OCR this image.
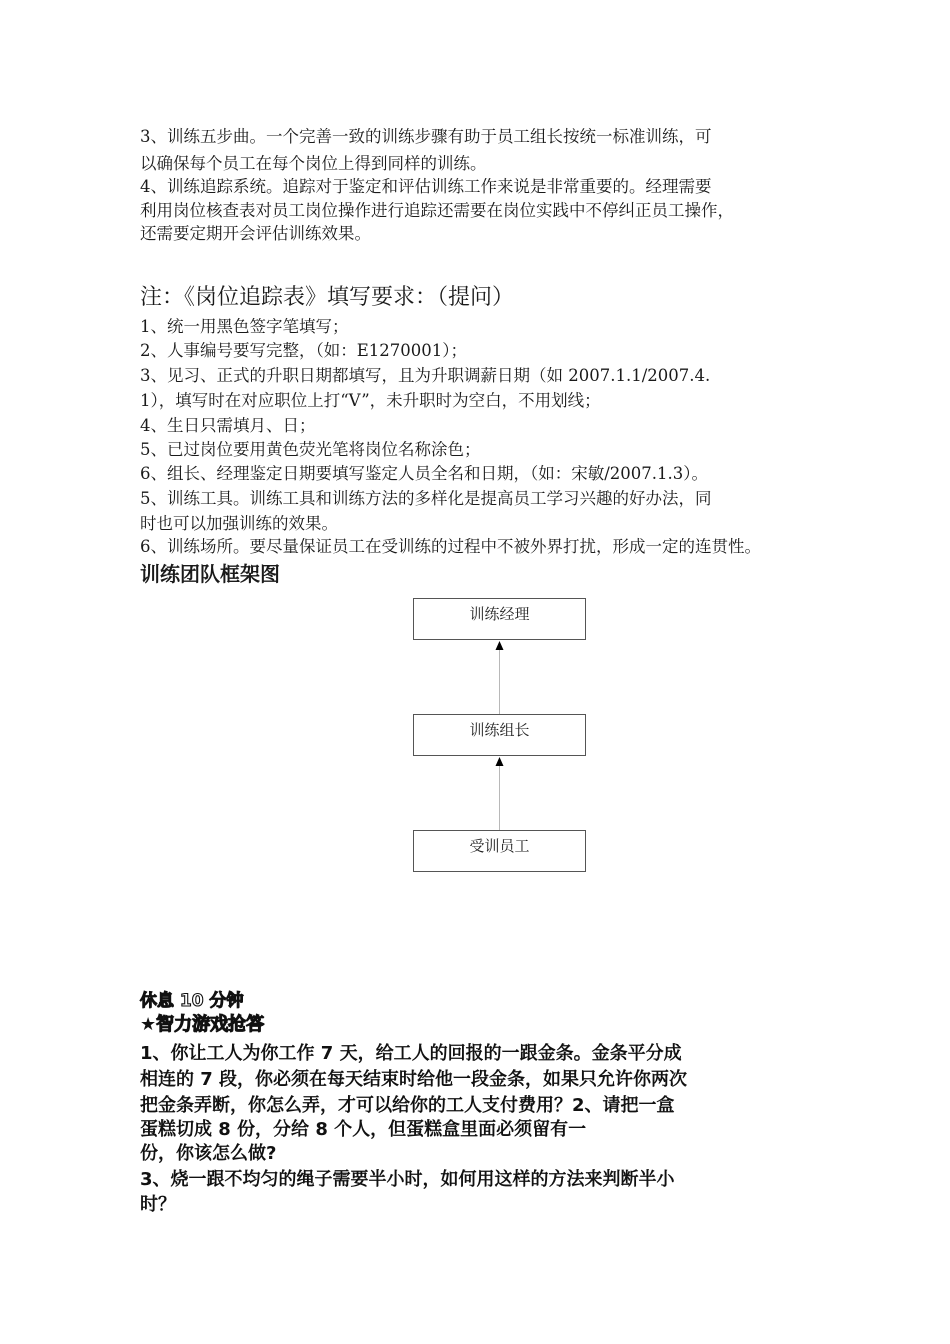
3、训练五步曲。一个完善一致的训练步骤有助于员工组长按统一标准训练，可
以确保每个员工在每个岗位上得到同样的训练。
4、训练追踪系统。追踪对于鉴定和评估训练工作来说是非常重要的。经理需要
利用岗位核查表对员工岗位操作进行追踪还需要在岗位实践中不停纠正员工操作，
还需要定期开会评估训练效果。
注：《岗位追踪表》填写要求：（提问）
1、统一用黑色签字笔填写；
2、人事编号要写完整，（如：E1270001）；
3、见习、正式的升职日期都填写，且为升职调薪日期（如 2007.1.1/2007.4.
1），填写时在对应职位上打“V”，未升职时为空白，不用划线；
4、生日只需填月、日；
5、已过岗位要用黄色荧光笔将岗位名称涂色；
6、组长、经理鉴定日期要填写鉴定人员全名和日期，（如：宋敏/2007.1.3）。
5、训练工具。训练工具和训练方法的多样化是提高员工学习兴趣的好办法，同
时也可以加强训练的效果。
6、训练场所。要尽量保证员工在受训练的过程中不被外界打扰，形成一定的连贯性。
训练团队框架图
训练经理
训练组长
受训员工
休息 10 分钟
★智力游戏抢答
1、你让工人为你工作 7 天，给工人的回报的一跟金条。金条平分成
相连的 7 段，你必须在每天结束时给他一段金条，如果只允许你两次
把金条弄断，你怎么弄，才可以给你的工人支付费用？2、请把一盒
蛋糕切成 8 份，分给 8 个人，但蛋糕盒里面必须留有一
份，你该怎么做?
3、烧一跟不均匀的绳子需要半小时，如何用这样的方法来判断半小
时？
